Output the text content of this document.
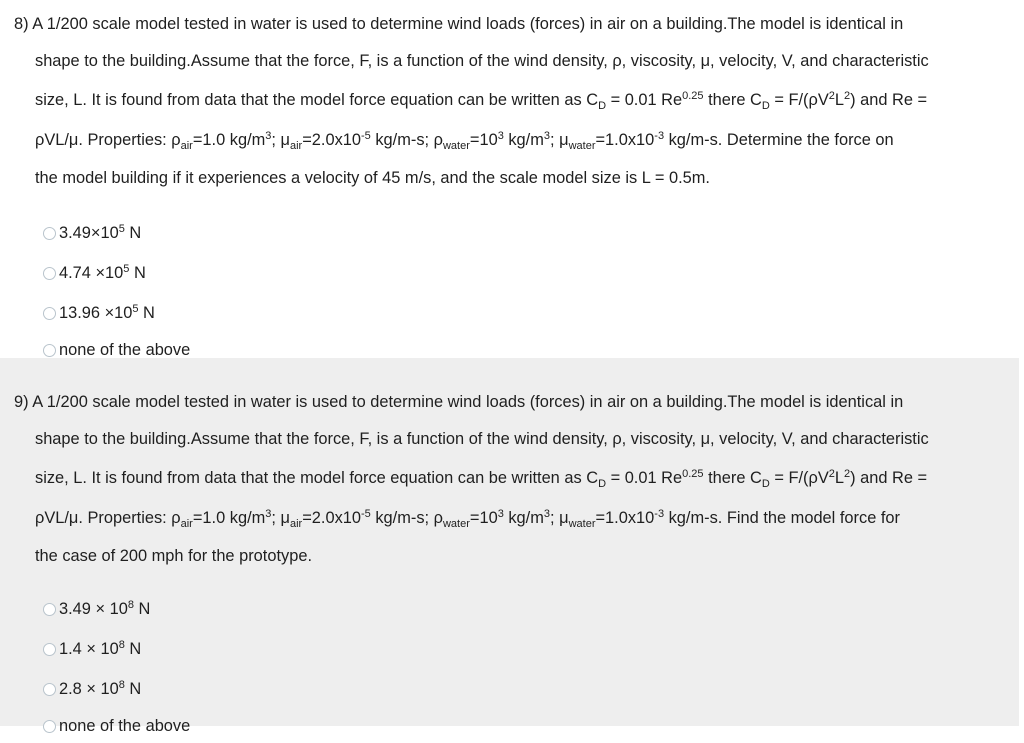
8) A 1/200 scale model tested in water is used to determine wind loads (forces) in air on a building.The model is identical in
shape to the building.Assume that the force, F, is a function of the wind density, ρ, viscosity, μ, velocity, V, and characteristic
size, L. It is found from data that the model force equation can be written as $C_D = 0.01$ $Re^{0.25}$ there $C_D = F/(\rho V^2L^2)$ and Re =
ρVL/μ. Properties: $\rho_{air}=1.0$ $kg/m^3$; $\mu_{air}=2.0x10^{-5}$ kg/m-s; $\rho_{water}=10^3$ $kg/m^3$; $\mu_{water}=1.0x10^{-3}$ kg/m-s. Determine the force on
the model building if it experiences a velocity of 45 m/s, and the scale model size is L = 0.5m.
$3.49\times 10^5$ N
$4.74 \times 10^5$ N
$13.96 \times 10^5$ N
none of the above
9) A 1/200 scale model tested in water is used to determine wind loads (forces) in air on a building.The model is identical in
shape to the building.Assume that the force, F, is a function of the wind density, ρ, viscosity, μ, velocity, V, and characteristic
size, L. It is found from data that the model force equation can be written as $C_D = 0.01$ $Re^{0.25}$ there $C_D = F/(\rho V^2L^2)$ and Re =
ρVL/μ. Properties: $\rho_{air}=1.0$ $kg/m^3$; $\mu_{air}=2.0x10^{-5}$ kg/m-s; $\rho_{water}=10^3$ $kg/m^3$; $\mu_{water}=1.0x10^{-3}$ kg/m-s. Find the model force for
the case of 200 mph for the prototype.
$3.49 \times 10^8$ N
$1.4 \times 10^8$ N
$2.8 \times 10^8$ N
none of the above
